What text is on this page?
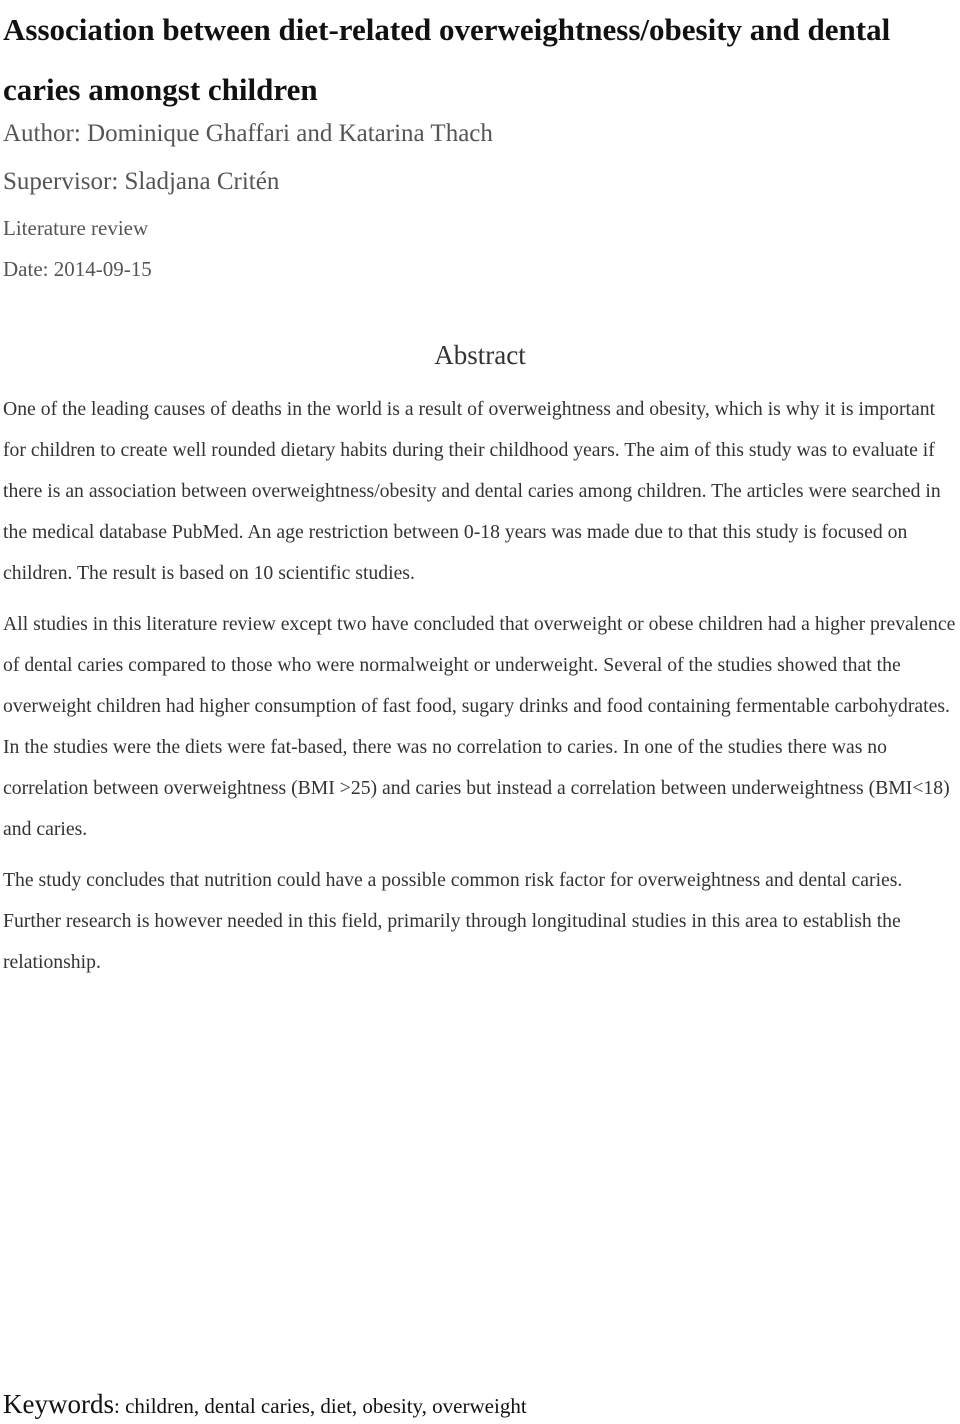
Association between diet-related overweightness/obesity and dental caries amongst children

Author: Dominique Ghaffari and Katarina Thach

Supervisor: Sladjana Critén

Literature review

Date: 2014-09-15

Abstract

One of the leading causes of deaths in the world is a result of overweightness and obesity, which is why it is important for children to create well rounded dietary habits during their childhood years. The aim of this study was to evaluate if there is an association between overweightness/obesity and dental caries among children. The articles were searched in the medical database PubMed. An age restriction between 0-18 years was made due to that this study is focused on children. The result is based on 10 scientific studies.

All studies in this literature review except two have concluded that overweight or obese children had a higher prevalence of dental caries compared to those who were normalweight or underweight. Several of the studies showed that the overweight children had higher consumption of fast food, sugary drinks and food containing fermentable carbohydrates. In the studies were the diets were fat-based, there was no correlation to caries. In one of the studies there was no correlation between overweightness (BMI >25) and caries but instead a correlation between underweightness (BMI<18) and caries.

The study concludes that nutrition could have a possible common risk factor for overweightness and dental caries. Further research is however needed in this field, primarily through longitudinal studies in this area to establish the relationship.

Keywords: children, dental caries, diet, obesity, overweight
